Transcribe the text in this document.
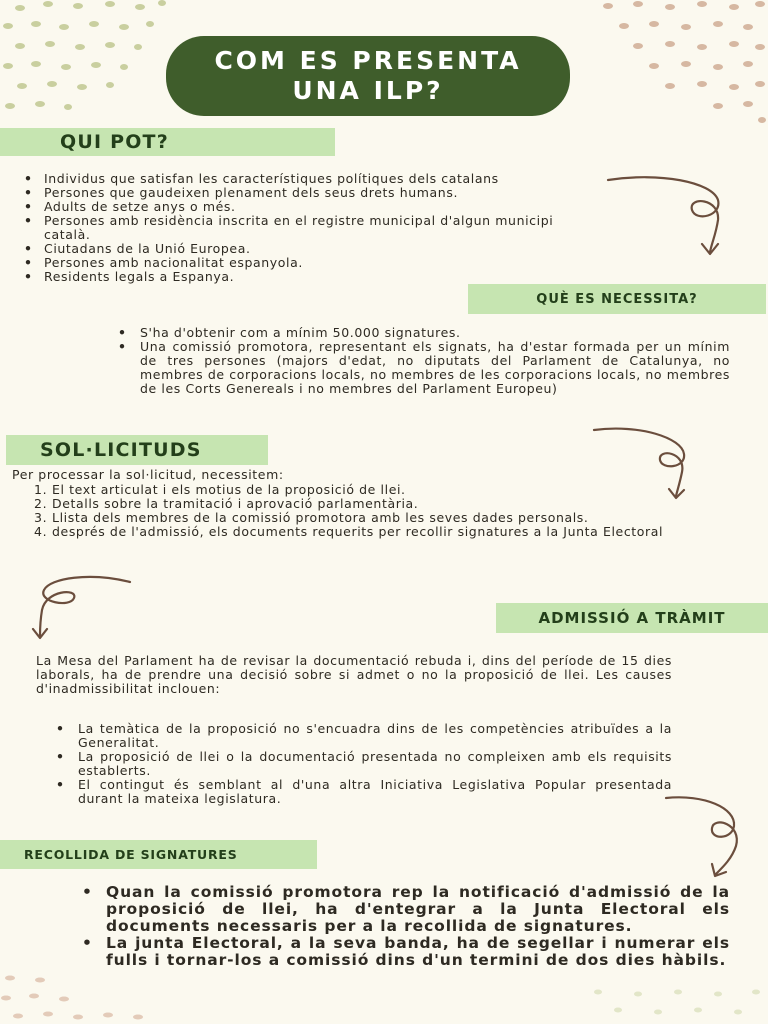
COM ES PRESENTA
UNA ILP?
QUI POT?
• Individus que satisfan les característiques polítiques dels catalans
• Persones que gaudeixen plenament dels seus drets humans.
• Adults de setze anys o més.
• Persones amb residència inscrita en el registre municipal d'algun municipi català.
• Ciutadans de la Unió Europea.
• Persones amb nacionalitat espanyola.
• Residents legals a Espanya.
QUÈ ES NECESSITA?
• S'ha d'obtenir com a mínim 50.000 signatures.
• Una comissió promotora, representant els signats, ha d'estar formada per un mínim de tres persones (majors d'edat, no diputats del Parlament de Catalunya, no membres de corporacions locals, no membres de les corporacions locals, no membres de les Corts Genereals i no membres del Parlament Europeu)
SOL·LICITUDS
Per processar la sol·licitud, necessitem:
El text articulat i els motius de la proposició de llei.
Detalls sobre la tramitació i aprovació parlamentària.
Llista dels membres de la comissió promotora amb les seves dades personals.
després de l'admissió, els documents requerits per recollir signatures a la Junta Electoral
ADMISSIÓ A TRÀMIT
La Mesa del Parlament ha de revisar la documentació rebuda i, dins del període de 15 dies laborals, ha de prendre una decisió sobre si admet o no la proposició de llei. Les causes d'inadmissibilitat inclouen:
• La temàtica de la proposició no s'encuadra dins de les competències atribuïdes a la Generalitat.
• La proposició de llei o la documentació presentada no compleixen amb els requisits establerts.
• El contingut és semblant al d'una altra Iniciativa Legislativa Popular presentada durant la mateixa legislatura.
RECOLLIDA DE SIGNATURES
• Quan la comissió promotora rep la notificació d'admissió de la proposició de llei, ha d'entegrar a la Junta Electoral els documents necessaris per a la recollida de signatures.
• La junta Electoral, a la seva banda, ha de segellar i numerar els fulls i tornar-los a comissió dins d'un termini de dos dies hàbils.
